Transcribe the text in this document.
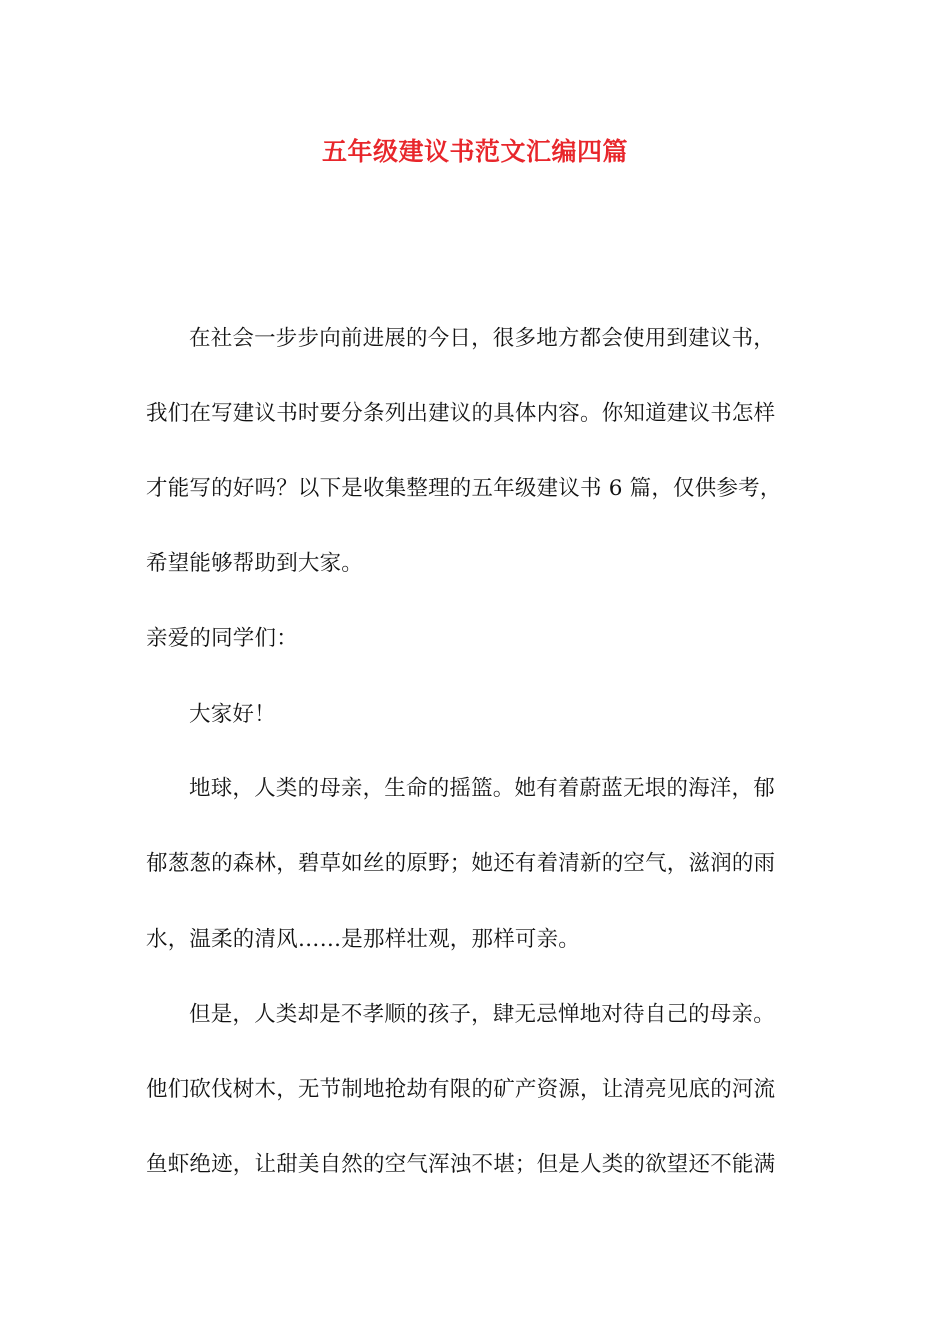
五年级建议书范文汇编四篇
在社会一步步向前进展的今日，很多地方都会使用到建议书，
我们在写建议书时要分条列出建议的具体内容。你知道建议书怎样
才能写的好吗？以下是收集整理的五年级建议书 6 篇，仅供参考，
希望能够帮助到大家。
亲爱的同学们：
大家好！
地球，人类的母亲，生命的摇篮。她有着蔚蓝无垠的海洋，郁
郁葱葱的森林，碧草如丝的原野；她还有着清新的空气，滋润的雨
水，温柔的清风……是那样壮观，那样可亲。
但是，人类却是不孝顺的孩子，肆无忌惮地对待自己的母亲。
他们砍伐树木，无节制地抢劫有限的矿产资源，让清亮见底的河流
鱼虾绝迹，让甜美自然的空气浑浊不堪；但是人类的欲望还不能满
